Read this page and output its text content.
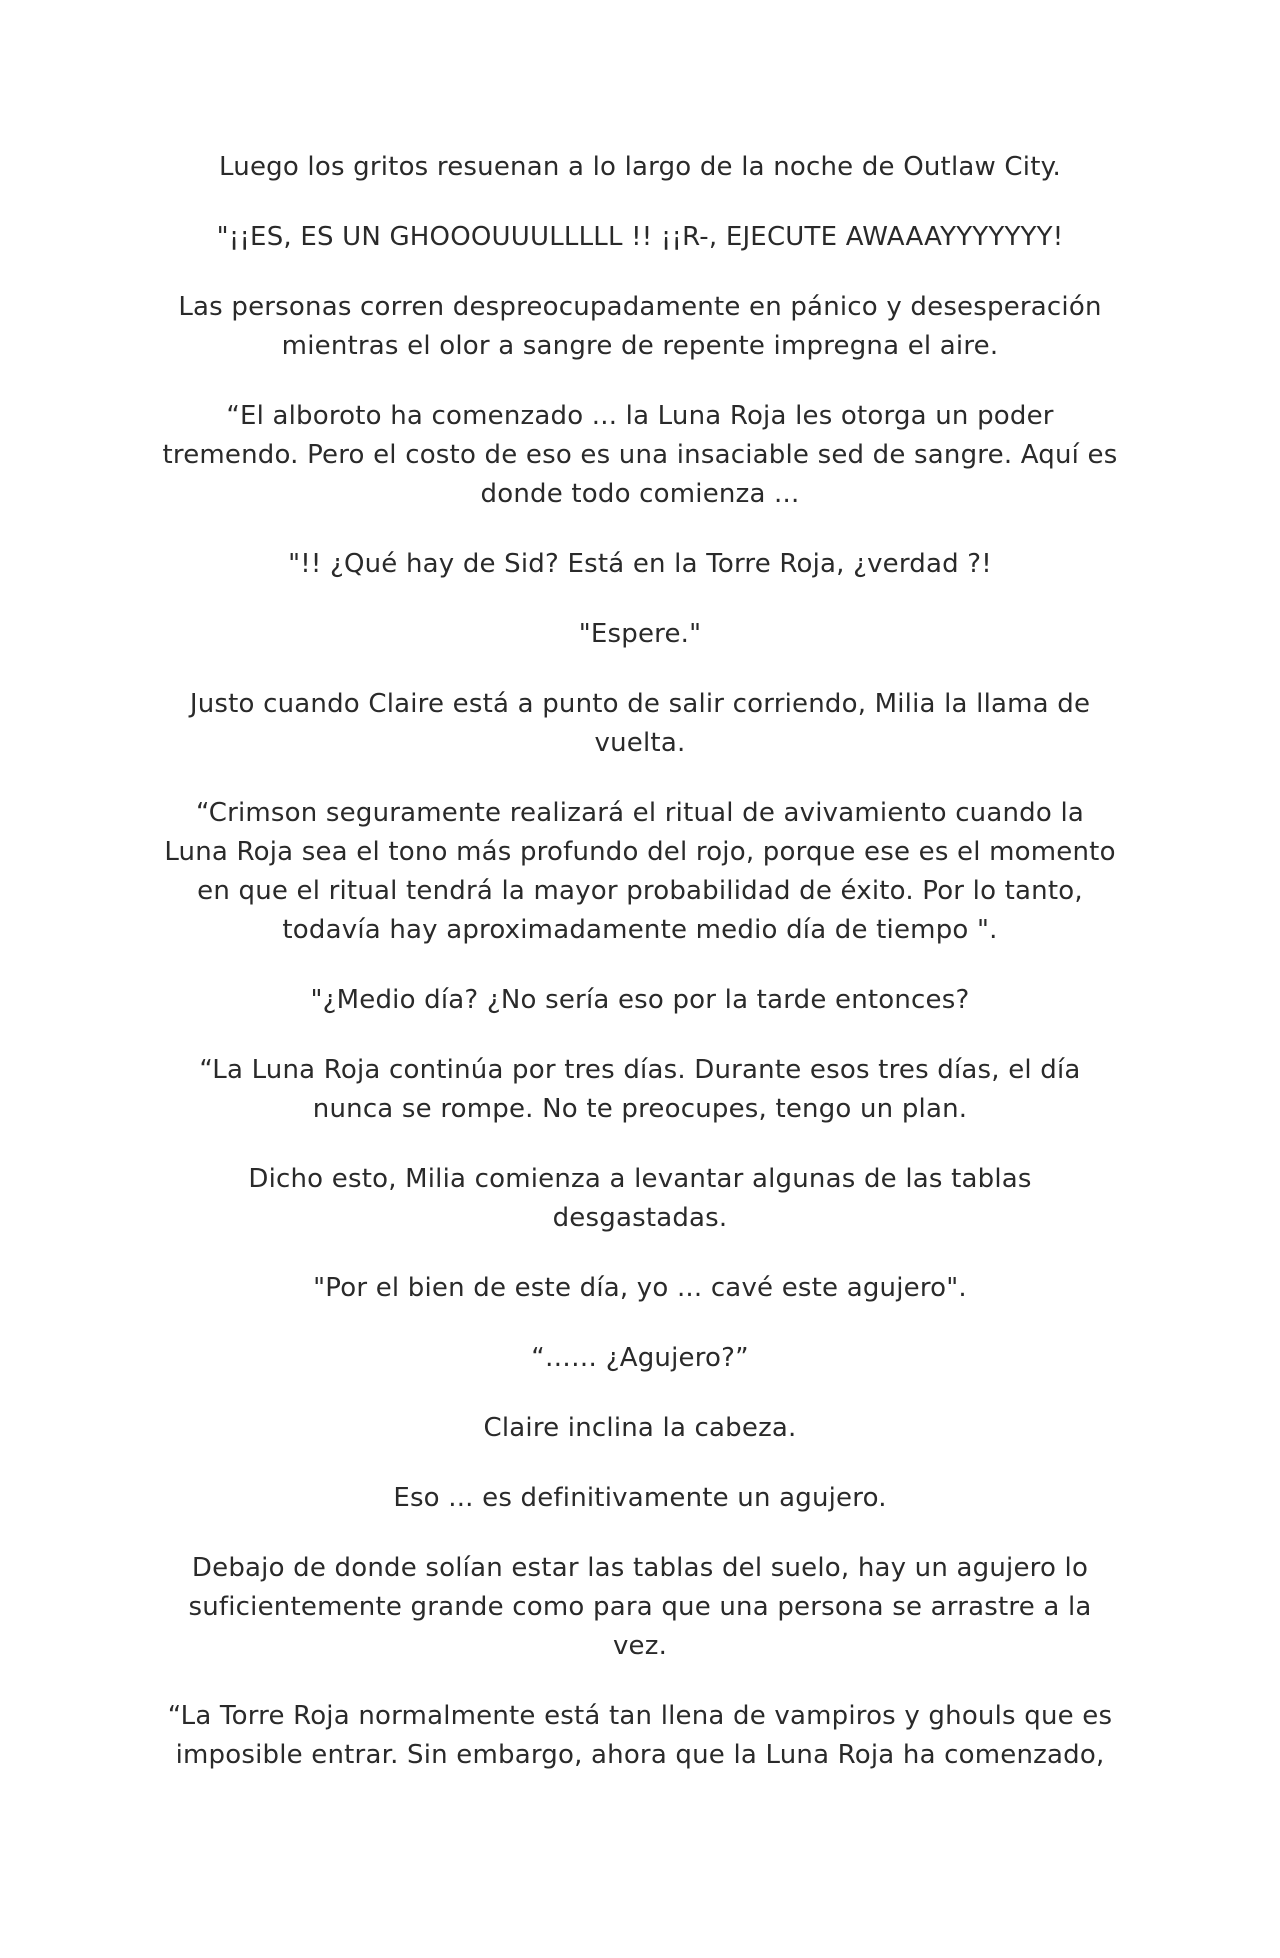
Luego los gritos resuenan a lo largo de la noche de Outlaw City.

"¡¡ES, ES UN GHOOOUUULLLLL !! ¡¡R-, EJECUTE AWAAAYYYYYYY!

Las personas corren despreocupadamente en pánico y desesperación mientras el olor a sangre de repente impregna el aire.

“El alboroto ha comenzado ... la Luna Roja les otorga un poder tremendo. Pero el costo de eso es una insaciable sed de sangre. Aquí es donde todo comienza ...

"!! ¿Qué hay de Sid? Está en la Torre Roja, ¿verdad ?!

"Espere."

Justo cuando Claire está a punto de salir corriendo, Milia la llama de vuelta.

“Crimson seguramente realizará el ritual de avivamiento cuando la Luna Roja sea el tono más profundo del rojo, porque ese es el momento en que el ritual tendrá la mayor probabilidad de éxito. Por lo tanto, todavía hay aproximadamente medio día de tiempo ".

"¿Medio día? ¿No sería eso por la tarde entonces?

“La Luna Roja continúa por tres días. Durante esos tres días, el día nunca se rompe. No te preocupes, tengo un plan.

Dicho esto, Milia comienza a levantar algunas de las tablas desgastadas.

"Por el bien de este día, yo ... cavé este agujero".

“…… ¿Agujero?”

Claire inclina la cabeza.

Eso ... es definitivamente un agujero.

Debajo de donde solían estar las tablas del suelo, hay un agujero lo suficientemente grande como para que una persona se arrastre a la vez.

“La Torre Roja normalmente está tan llena de vampiros y ghouls que es imposible entrar. Sin embargo, ahora que la Luna Roja ha comenzado,
